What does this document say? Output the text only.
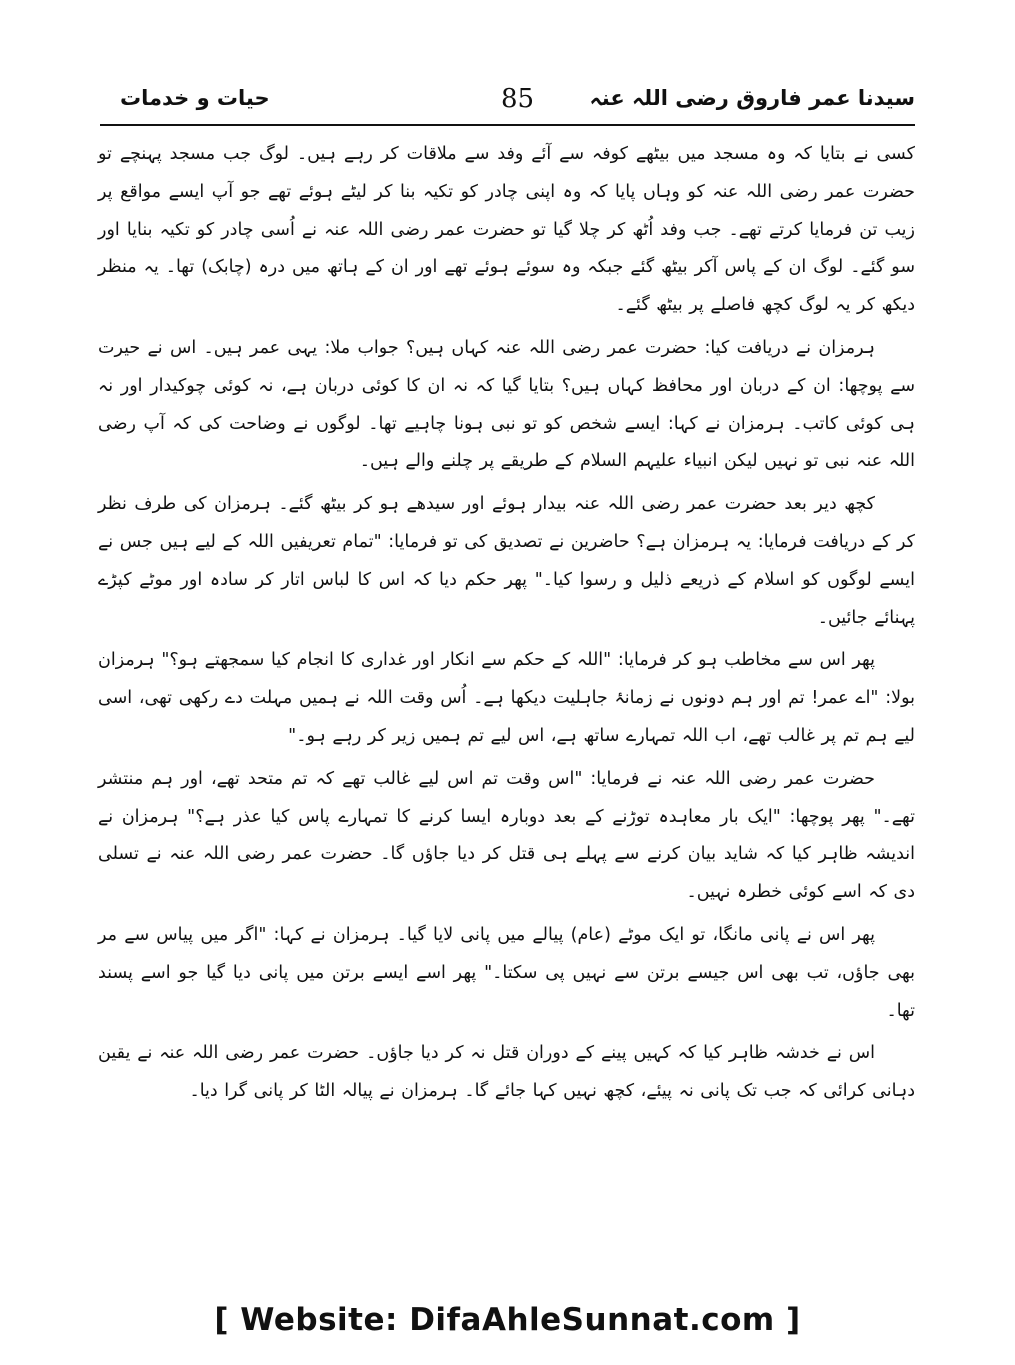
سیدنا عمر فاروق رضی اللہ عنہ
85
حیات و خدمات

کسی نے بتایا کہ وہ مسجد میں بیٹھے کوفہ سے آئے وفد سے ملاقات کر رہے ہیں۔ لوگ جب مسجد پہنچے تو حضرت عمر رضی اللہ عنہ کو وہاں پایا کہ وہ اپنی چادر کو تکیہ بنا کر لیٹے ہوئے تھے جو آپ ایسے مواقع پر زیب تن فرمایا کرتے تھے۔ جب وفد اُٹھ کر چلا گیا تو حضرت عمر رضی اللہ عنہ نے اُسی چادر کو تکیہ بنایا اور سو گئے۔ لوگ ان کے پاس آکر بیٹھ گئے جبکہ وہ سوئے ہوئے تھے اور ان کے ہاتھ میں درہ (چابک) تھا۔ یہ منظر دیکھ کر یہ لوگ کچھ فاصلے پر بیٹھ گئے۔

ہرمزان نے دریافت کیا: حضرت عمر رضی اللہ عنہ کہاں ہیں؟ جواب ملا: یہی عمر ہیں۔ اس نے حیرت سے پوچھا: ان کے دربان اور محافظ کہاں ہیں؟ بتایا گیا کہ نہ ان کا کوئی دربان ہے، نہ کوئی چوکیدار اور نہ ہی کوئی کاتب۔ ہرمزان نے کہا: ایسے شخص کو تو نبی ہونا چاہیے تھا۔ لوگوں نے وضاحت کی کہ آپ رضی اللہ عنہ نبی تو نہیں لیکن انبیاء علیہم السلام کے طریقے پر چلنے والے ہیں۔

کچھ دیر بعد حضرت عمر رضی اللہ عنہ بیدار ہوئے اور سیدھے ہو کر بیٹھ گئے۔ ہرمزان کی طرف نظر کر کے دریافت فرمایا: یہ ہرمزان ہے؟ حاضرین نے تصدیق کی تو فرمایا: "تمام تعریفیں اللہ کے لیے ہیں جس نے ایسے لوگوں کو اسلام کے ذریعے ذلیل و رسوا کیا۔" پھر حکم دیا کہ اس کا لباس اتار کر سادہ اور موٹے کپڑے پہنائے جائیں۔

پھر اس سے مخاطب ہو کر فرمایا: "اللہ کے حکم سے انکار اور غداری کا انجام کیا سمجھتے ہو؟" ہرمزان بولا: "اے عمر! تم اور ہم دونوں نے زمانۂ جاہلیت دیکھا ہے۔ اُس وقت اللہ نے ہمیں مہلت دے رکھی تھی، اسی لیے ہم تم پر غالب تھے، اب اللہ تمہارے ساتھ ہے، اس لیے تم ہمیں زیر کر رہے ہو۔"

حضرت عمر رضی اللہ عنہ نے فرمایا: "اس وقت تم اس لیے غالب تھے کہ تم متحد تھے، اور ہم منتشر تھے۔" پھر پوچھا: "ایک بار معاہدہ توڑنے کے بعد دوبارہ ایسا کرنے کا تمہارے پاس کیا عذر ہے؟" ہرمزان نے اندیشہ ظاہر کیا کہ شاید بیان کرنے سے پہلے ہی قتل کر دیا جاؤں گا۔ حضرت عمر رضی اللہ عنہ نے تسلی دی کہ اسے کوئی خطرہ نہیں۔

پھر اس نے پانی مانگا، تو ایک موٹے (عام) پیالے میں پانی لایا گیا۔ ہرمزان نے کہا: "اگر میں پیاس سے مر بھی جاؤں، تب بھی اس جیسے برتن سے نہیں پی سکتا۔" پھر اسے ایسے برتن میں پانی دیا گیا جو اسے پسند تھا۔

اس نے خدشہ ظاہر کیا کہ کہیں پینے کے دوران قتل نہ کر دیا جاؤں۔ حضرت عمر رضی اللہ عنہ نے یقین دہانی کرائی کہ جب تک پانی نہ پیئے، کچھ نہیں کہا جائے گا۔ ہرمزان نے پیالہ الٹا کر پانی گرا دیا۔

[ Website: DifaAhleSunnat.com ]
